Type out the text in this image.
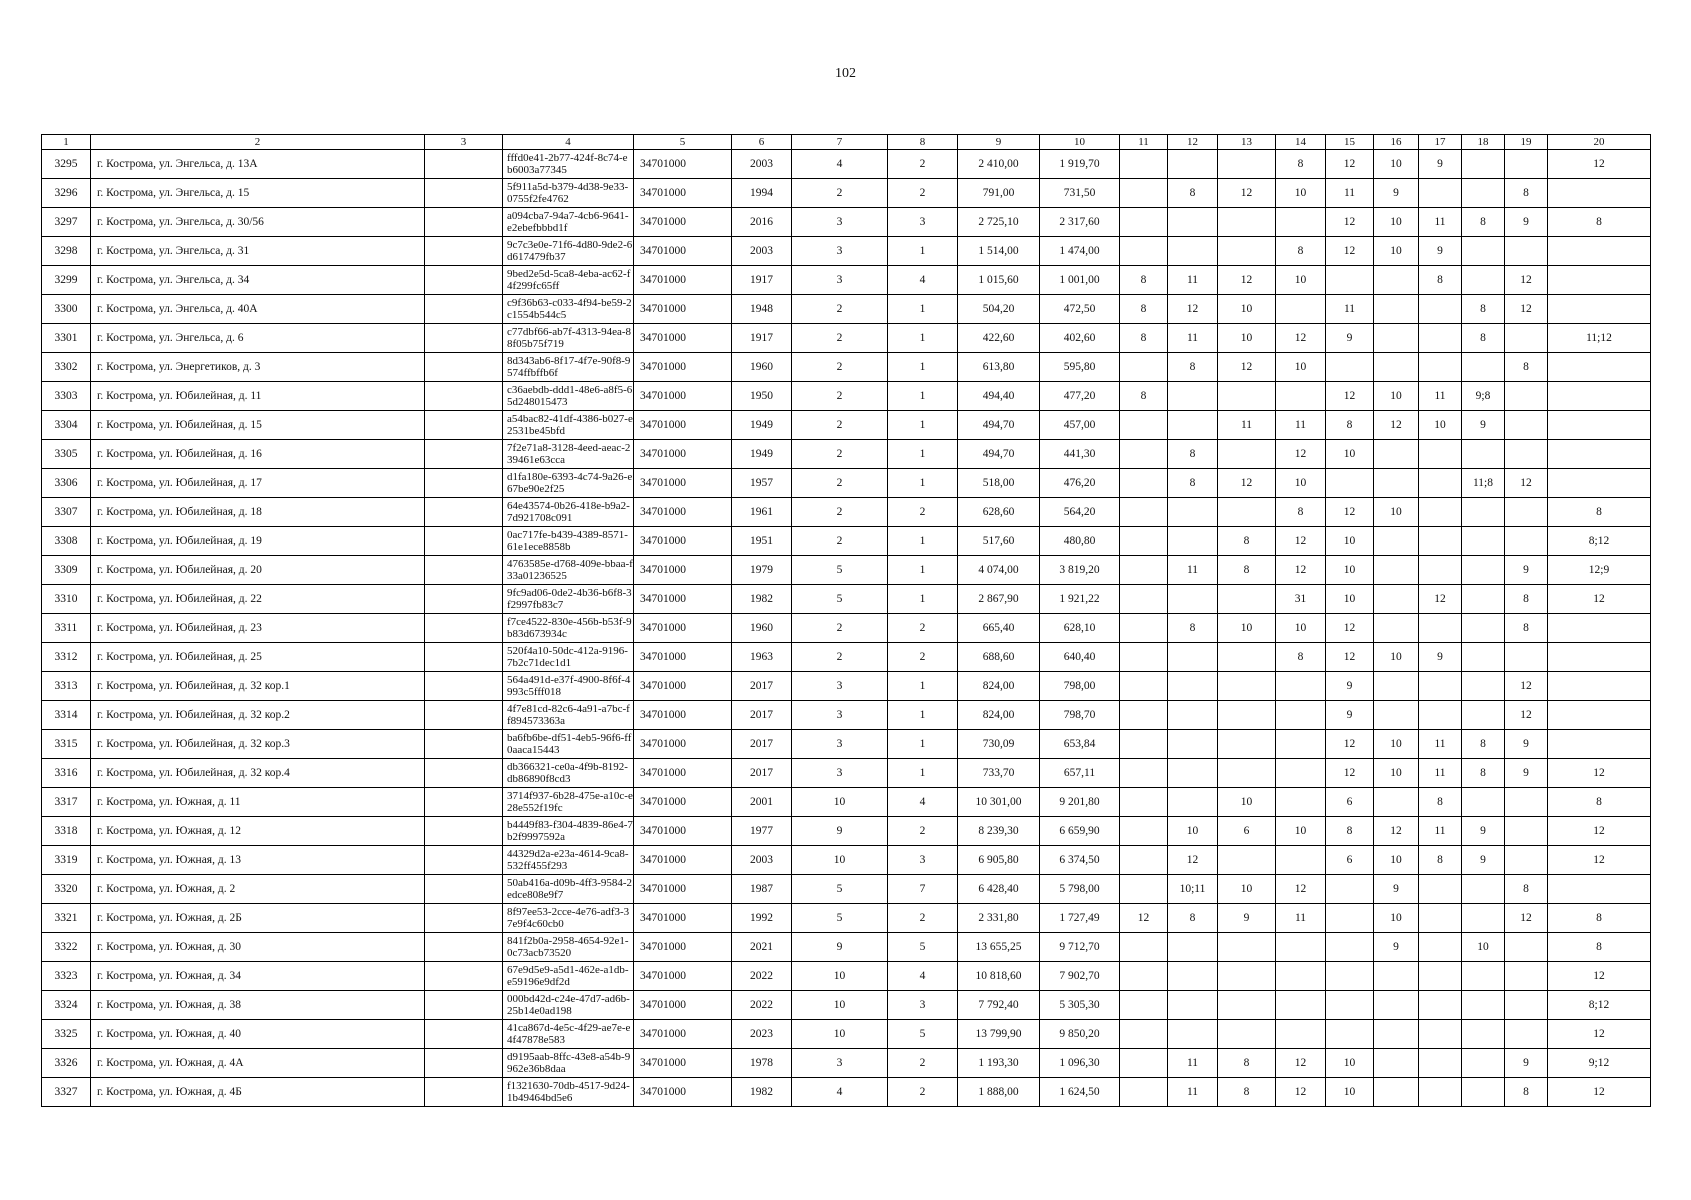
102
1	2	3	4	5	6	7	8	9	10	11	12	13	14	15	16	17	18	19	20
3295	г. Кострома, ул. Энгельса, д. 13А		fffd0e41-2b77-424f-8c74-eb6003a77345	34701000	2003	4	2	2 410,00	1 919,70				8	12	10	9			12
3296	г. Кострома, ул. Энгельса, д. 15		5f911a5d-b379-4d38-9e33-0755f2fe4762	34701000	1994	2	2	791,00	731,50		8	12	10	11	9			8	
3297	г. Кострома, ул. Энгельса, д. 30/56		a094cba7-94a7-4cb6-9641-e2ebefbbbd1f	34701000	2016	3	3	2 725,10	2 317,60					12	10	11	8	9	8
3298	г. Кострома, ул. Энгельса, д. 31		9c7c3e0e-71f6-4d80-9de2-6d617479fb37	34701000	2003	3	1	1 514,00	1 474,00				8	12	10	9			
3299	г. Кострома, ул. Энгельса, д. 34		9bed2e5d-5ca8-4eba-ac62-f4f299fc65ff	34701000	1917	3	4	1 015,60	1 001,00	8	11	12	10			8		12	
3300	г. Кострома, ул. Энгельса, д. 40А		c9f36b63-c033-4f94-be59-2c1554b544c5	34701000	1948	2	1	504,20	472,50	8	12	10		11			8	12	
3301	г. Кострома, ул. Энгельса, д. 6		c77dbf66-ab7f-4313-94ea-88f05b75f719	34701000	1917	2	1	422,60	402,60	8	11	10	12	9			8		11;12
3302	г. Кострома, ул. Энергетиков, д. 3		8d343ab6-8f17-4f7e-90f8-9574ffbffb6f	34701000	1960	2	1	613,80	595,80		8	12	10					8	
3303	г. Кострома, ул. Юбилейная, д. 11		c36aebdb-ddd1-48e6-a8f5-65d248015473	34701000	1950	2	1	494,40	477,20	8				12	10	11	9;8		
3304	г. Кострома, ул. Юбилейная, д. 15		a54bac82-41df-4386-b027-e2531be45bfd	34701000	1949	2	1	494,70	457,00			11	11	8	12	10	9		
3305	г. Кострома, ул. Юбилейная, д. 16		7f2e71a8-3128-4eed-aeac-239461e63cca	34701000	1949	2	1	494,70	441,30		8		12	10					
3306	г. Кострома, ул. Юбилейная, д. 17		d1fa180e-6393-4c74-9a26-e67be90e2f25	34701000	1957	2	1	518,00	476,20		8	12	10				11;8	12	
3307	г. Кострома, ул. Юбилейная, д. 18		64e43574-0b26-418e-b9a2-7d921708c091	34701000	1961	2	2	628,60	564,20				8	12	10				8
3308	г. Кострома, ул. Юбилейная, д. 19		0ac717fe-b439-4389-8571-61e1ece8858b	34701000	1951	2	1	517,60	480,80			8	12	10					8;12
3309	г. Кострома, ул. Юбилейная, д. 20		4763585e-d768-409e-bbaa-f33a01236525	34701000	1979	5	1	4 074,00	3 819,20		11	8	12	10				9	12;9
3310	г. Кострома, ул. Юбилейная, д. 22		9fc9ad06-0de2-4b36-b6f8-3f2997fb83c7	34701000	1982	5	1	2 867,90	1 921,22				31	10		12		8	12
3311	г. Кострома, ул. Юбилейная, д. 23		f7ce4522-830e-456b-b53f-9b83d673934c	34701000	1960	2	2	665,40	628,10		8	10	10	12				8	
3312	г. Кострома, ул. Юбилейная, д. 25		520f4a10-50dc-412a-9196-7b2c71dec1d1	34701000	1963	2	2	688,60	640,40				8	12	10	9			
3313	г. Кострома, ул. Юбилейная, д. 32 кор.1		564a491d-e37f-4900-8f6f-4993c5fff018	34701000	2017	3	1	824,00	798,00					9				12	
3314	г. Кострома, ул. Юбилейная, д. 32 кор.2		4f7e81cd-82c6-4a91-a7bc-ff894573363a	34701000	2017	3	1	824,00	798,70					9				12	
3315	г. Кострома, ул. Юбилейная, д. 32 кор.3		ba6fb6be-df51-4eb5-96f6-ff0aaca15443	34701000	2017	3	1	730,09	653,84					12	10	11	8	9	
3316	г. Кострома, ул. Юбилейная, д. 32 кор.4		db366321-ce0a-4f9b-8192-db86890f8cd3	34701000	2017	3	1	733,70	657,11					12	10	11	8	9	12
3317	г. Кострома, ул. Южная, д. 11		3714f937-6b28-475e-a10c-e28e552f19fc	34701000	2001	10	4	10 301,00	9 201,80			10		6		8			8
3318	г. Кострома, ул. Южная, д. 12		b4449f83-f304-4839-86e4-7b2f9997592a	34701000	1977	9	2	8 239,30	6 659,90		10	6	10	8	12	11	9		12
3319	г. Кострома, ул. Южная, д. 13		44329d2a-e23a-4614-9ca8-532ff455f293	34701000	2003	10	3	6 905,80	6 374,50		12			6	10	8	9		12
3320	г. Кострома, ул. Южная, д. 2		50ab416a-d09b-4ff3-9584-2edce808e9f7	34701000	1987	5	7	6 428,40	5 798,00		10;11	10	12		9			8	
3321	г. Кострома, ул. Южная, д. 2Б		8f97ee53-2cce-4e76-adf3-37e9f4c60cb0	34701000	1992	5	2	2 331,80	1 727,49	12	8	9	11		10			12	8
3322	г. Кострома, ул. Южная, д. 30		841f2b0a-2958-4654-92e1-0c73acb73520	34701000	2021	9	5	13 655,25	9 712,70						9		10		8
3323	г. Кострома, ул. Южная, д. 34		67e9d5e9-a5d1-462e-a1db-e59196e9df2d	34701000	2022	10	4	10 818,60	7 902,70										12
3324	г. Кострома, ул. Южная, д. 38		000bd42d-c24e-47d7-ad6b-25b14e0ad198	34701000	2022	10	3	7 792,40	5 305,30										8;12
3325	г. Кострома, ул. Южная, д. 40		41ca867d-4e5c-4f29-ae7e-e4f47878e583	34701000	2023	10	5	13 799,90	9 850,20										12
3326	г. Кострома, ул. Южная, д. 4А		d9195aab-8ffc-43e8-a54b-9962e36b8daa	34701000	1978	3	2	1 193,30	1 096,30		11	8	12	10				9	9;12
3327	г. Кострома, ул. Южная, д. 4Б		f1321630-70db-4517-9d24-1b49464bd5e6	34701000	1982	4	2	1 888,00	1 624,50		11	8	12	10				8	12
